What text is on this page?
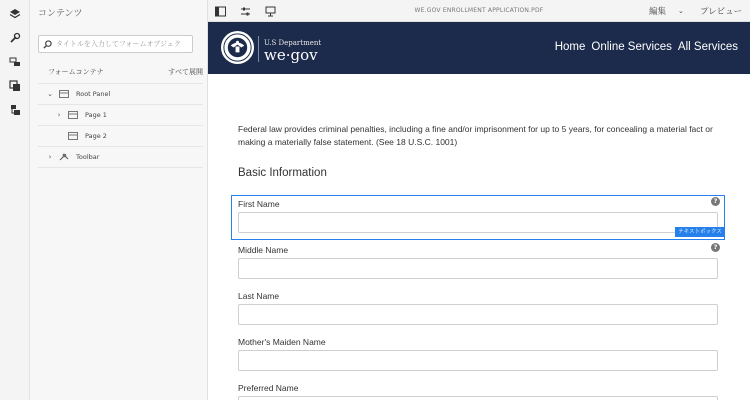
コンテンツ
タイトルを入力してフォームオブジェク
フォームコンテナ	すべて展開
⌄	Root Panel
›	Page 1
Page 2
›	Toolbar
WE.GOV ENROLLMENT APPLICATION.PDF	編集 ⌄ プレビュー
U.S Department
we·gov	Home Online Services All Services
Federal law provides criminal penalties, including a fine and/or imprisonment for up to 5 years, for concealing a material fact or making a materially false statement. (See 18 U.S.C. 1001)
Basic Information
First Name	?
テキストボックス
Middle Name	?
Last Name
Mother's Maiden Name
Preferred Name
